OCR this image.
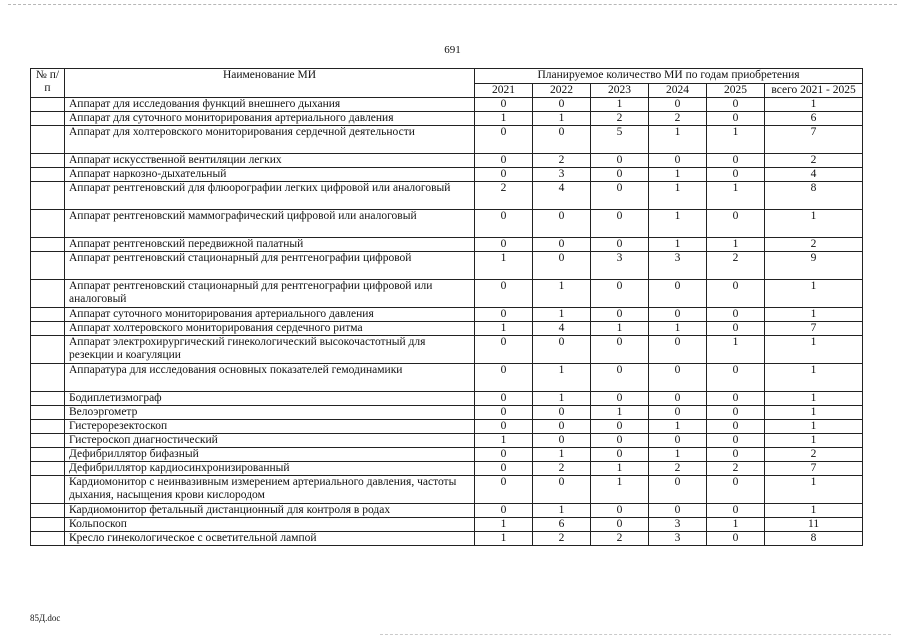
691
№ п/п	Наименование МИ	Планируемое количество МИ по годам приобретения					
		2021	2022	2023	2024	2025	всего 2021 - 2025
	Аппарат для исследования функций внешнего дыхания	0	0	1	0	0	1
	Аппарат для суточного мониторирования артериального давления	1	1	2	2	0	6
	Аппарат для холтеровского мониторирования сердечной деятельности	0	0	5	1	1	7
	Аппарат искусственной вентиляции легких	0	2	0	0	0	2
	Аппарат наркозно-дыхательный	0	3	0	1	0	4
	Аппарат рентгеновский для флюорографии легких цифровой или аналоговый	2	4	0	1	1	8
	Аппарат рентгеновский маммографический цифровой или аналоговый	0	0	0	1	0	1
	Аппарат рентгеновский передвижной палатный	0	0	0	1	1	2
	Аппарат рентгеновский стационарный для рентгенографии цифровой	1	0	3	3	2	9
	Аппарат рентгеновский стационарный для рентгенографии цифровой или аналоговый	0	1	0	0	0	1
	Аппарат суточного мониторирования артериального давления	0	1	0	0	0	1
	Аппарат холтеровского мониторирования сердечного ритма	1	4	1	1	0	7
	Аппарат электрохирургический гинекологический высокочастотный для резекции и коагуляции	0	0	0	0	1	1
	Аппаратура для исследования основных показателей гемодинамики	0	1	0	0	0	1
	Бодиплетизмограф	0	1	0	0	0	1
	Велоэргометр	0	0	1	0	0	1
	Гистерорезектоскоп	0	0	0	1	0	1
	Гистероскоп диагностический	1	0	0	0	0	1
	Дефибриллятор бифазный	0	1	0	1	0	2
	Дефибриллятор кардиосинхронизированный	0	2	1	2	2	7
	Кардиомонитор с неинвазивным измерением артериального давления, частоты дыхания, насыщения крови кислородом	0	0	1	0	0	1
	Кардиомонитор фетальный дистанционный для контроля в родах	0	1	0	0	0	1
	Кольпоскоп	1	6	0	3	1	11
	Кресло гинекологическое с осветительной лампой	1	2	2	3	0	8
85Д.doc
